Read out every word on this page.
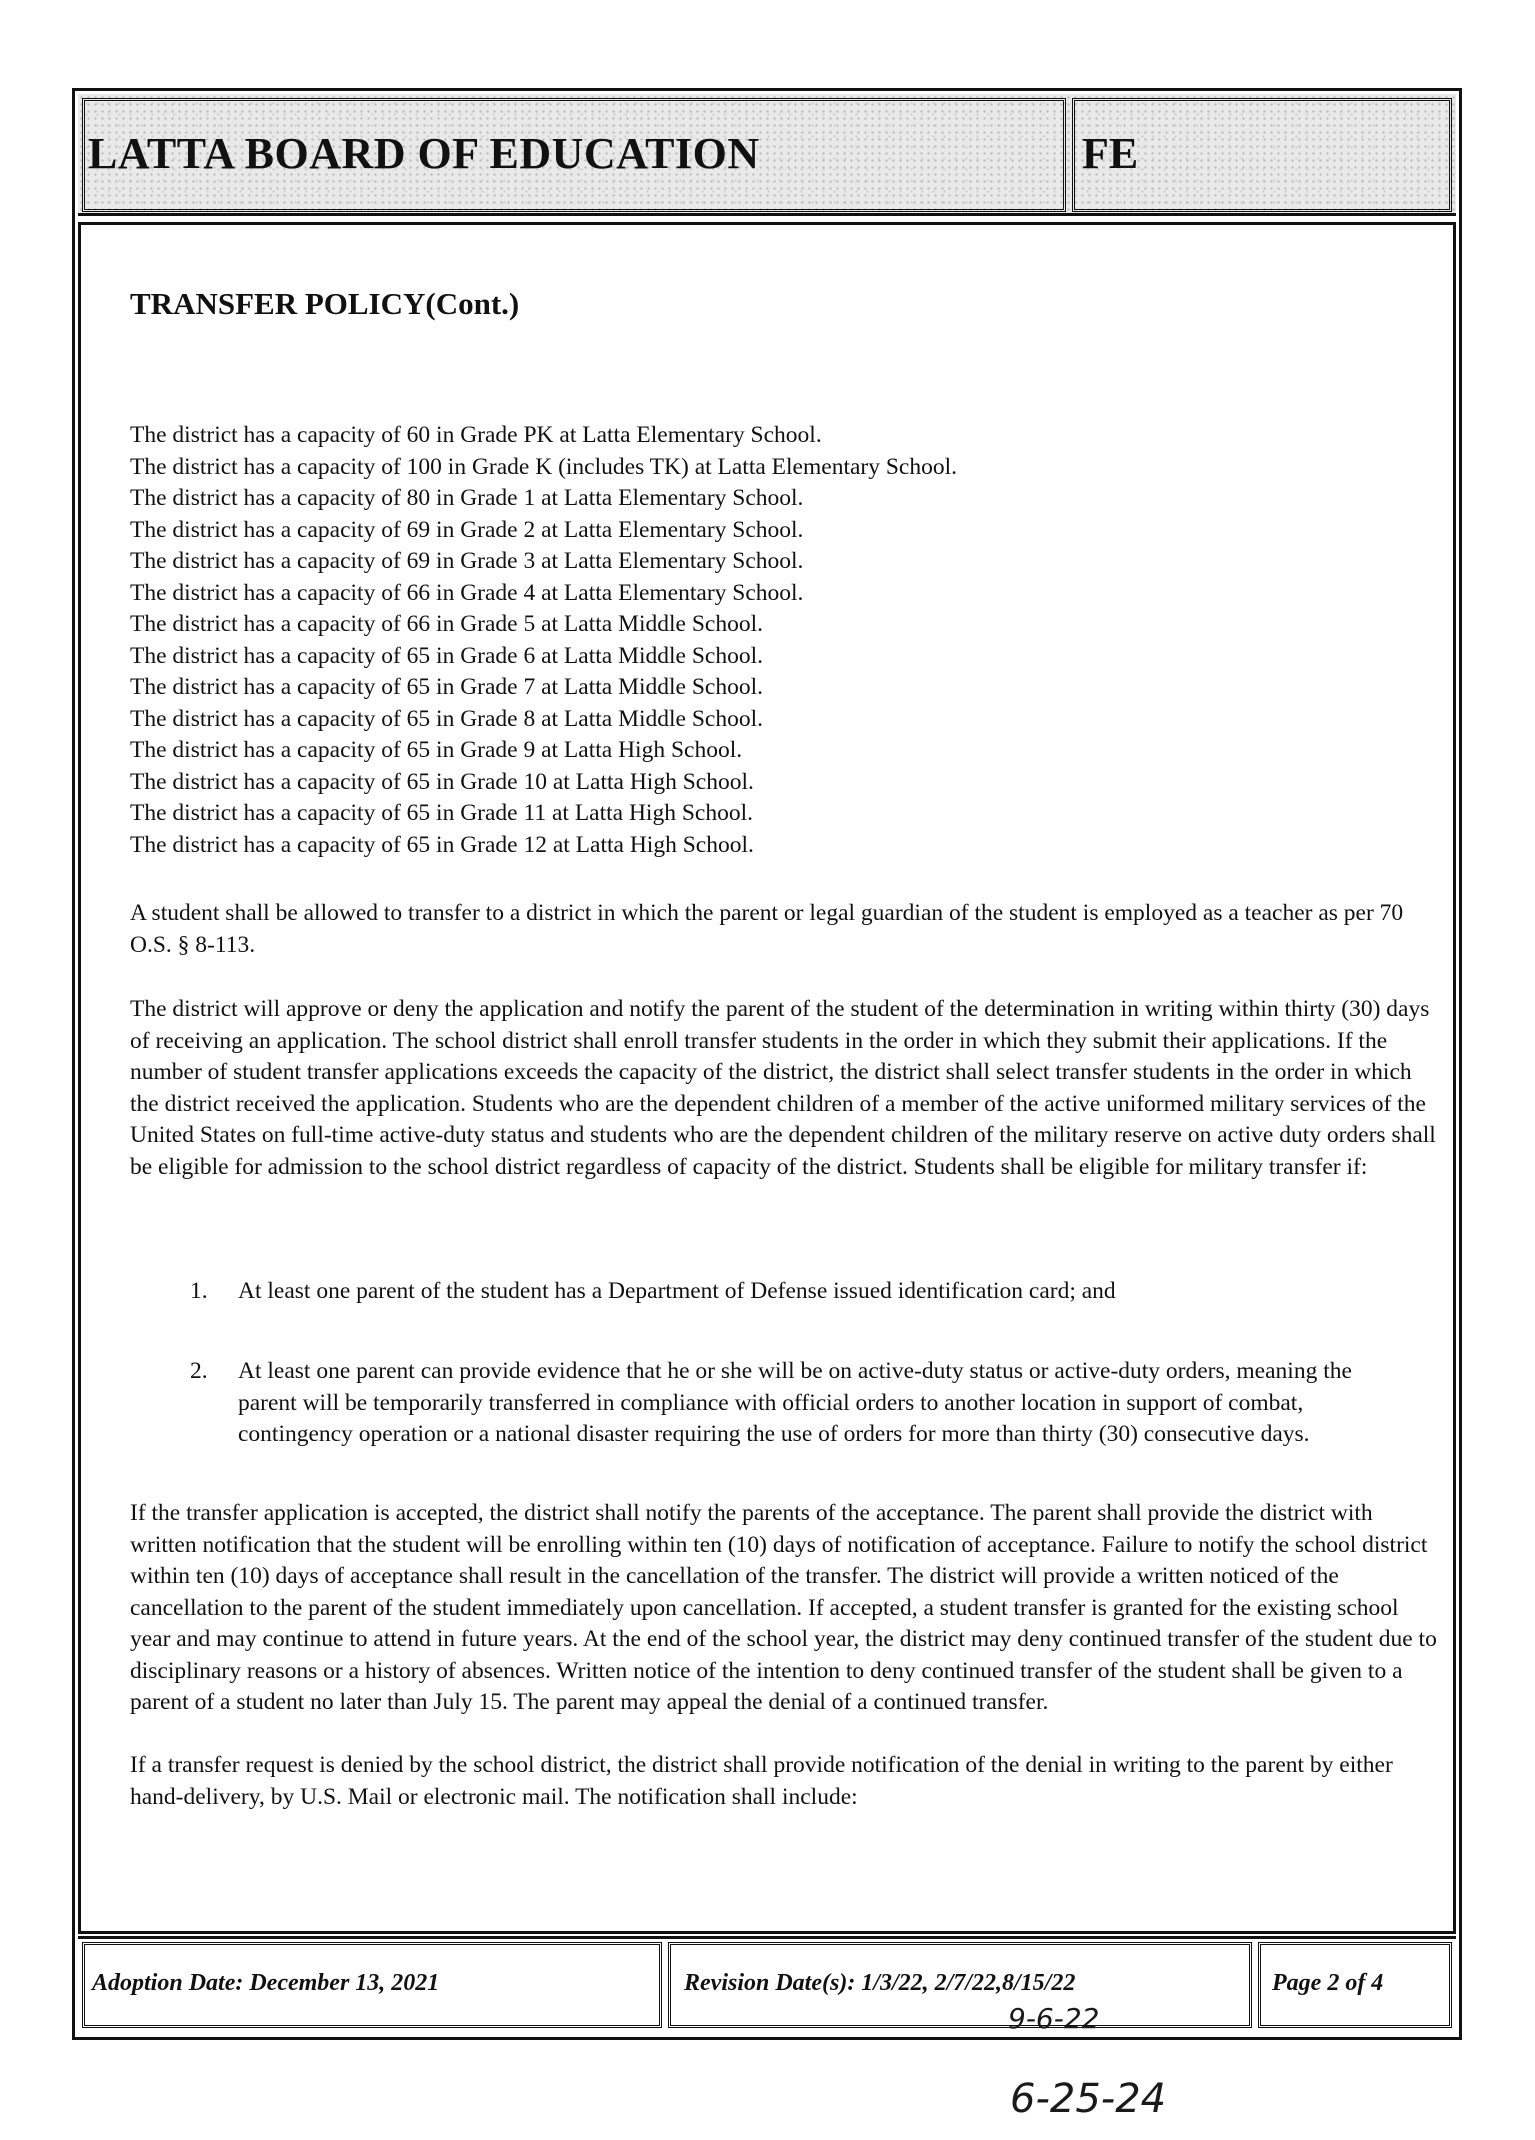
LATTA BOARD OF EDUCATION	FE
TRANSFER POLICY(Cont.)
The district has a capacity of 60 in Grade PK at Latta Elementary School.
The district has a capacity of 100 in Grade K (includes TK) at Latta Elementary School.
The district has a capacity of 80 in Grade 1 at Latta Elementary School.
The district has a capacity of 69 in Grade 2 at Latta Elementary School.
The district has a capacity of 69 in Grade 3 at Latta Elementary School.
The district has a capacity of 66 in Grade 4 at Latta Elementary School.
The district has a capacity of 66 in Grade 5 at Latta Middle School.
The district has a capacity of 65 in Grade 6 at Latta Middle School.
The district has a capacity of 65 in Grade 7 at Latta Middle School.
The district has a capacity of 65 in Grade 8 at Latta Middle School.
The district has a capacity of 65 in Grade 9 at Latta High School.
The district has a capacity of 65 in Grade 10 at Latta High School.
The district has a capacity of 65 in Grade 11 at Latta High School.
The district has a capacity of 65 in Grade 12 at Latta High School.

A student shall be allowed to transfer to a district in which the parent or legal guardian of the student is employed as a teacher as per 70 O.S. § 8-113.

The district will approve or deny the application and notify the parent of the student of the determination in writing within thirty (30) days of receiving an application. The school district shall enroll transfer students in the order in which they submit their applications. If the number of student transfer applications exceeds the capacity of the district, the district shall select transfer students in the order in which the district received the application. Students who are the dependent children of a member of the active uniformed military services of the United States on full-time active-duty status and students who are the dependent children of the military reserve on active duty orders shall be eligible for admission to the school district regardless of capacity of the district. Students shall be eligible for military transfer if:

1. At least one parent of the student has a Department of Defense issued identification card; and
2. At least one parent can provide evidence that he or she will be on active-duty status or active-duty orders, meaning the parent will be temporarily transferred in compliance with official orders to another location in support of combat, contingency operation or a national disaster requiring the use of orders for more than thirty (30) consecutive days.

If the transfer application is accepted, the district shall notify the parents of the acceptance. The parent shall provide the district with written notification that the student will be enrolling within ten (10) days of notification of acceptance. Failure to notify the school district within ten (10) days of acceptance shall result in the cancellation of the transfer. The district will provide a written noticed of the cancellation to the parent of the student immediately upon cancellation. If accepted, a student transfer is granted for the existing school year and may continue to attend in future years. At the end of the school year, the district may deny continued transfer of the student due to disciplinary reasons or a history of absences. Written notice of the intention to deny continued transfer of the student shall be given to a parent of a student no later than July 15. The parent may appeal the denial of a continued transfer.

If a transfer request is denied by the school district, the district shall provide notification of the denial in writing to the parent by either hand-delivery, by U.S. Mail or electronic mail. The notification shall include:

Adoption Date: December 13, 2021	Revision Date(s): 1/3/22, 2/7/22,8/15/22	Page 2 of 4

9-6-22

6-25-24
